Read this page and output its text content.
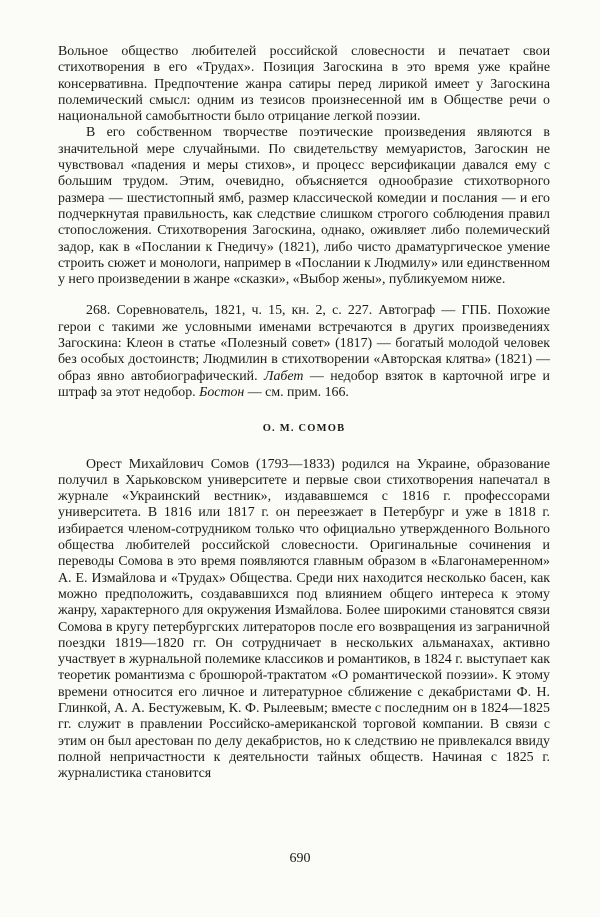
Вольное общество любителей российской словесности и печатает свои стихотворения в его «Трудах». Позиция Загоскина в это время уже крайне консервативна. Предпочтение жанра сатиры перед лирикой имеет у Загоскина полемический смысл: одним из тезисов произнесенной им в Обществе речи о национальной самобытности было отрицание легкой поэзии.

В его собственном творчестве поэтические произведения являются в значительной мере случайными. По свидетельству мемуаристов, Загоскин не чувствовал «падения и меры стихов», и процесс версификации давался ему с большим трудом. Этим, очевидно, объясняется однообразие стихотворного размера — шестистопный ямб, размер классической комедии и послания — и его подчеркнутая правильность, как следствие слишком строгого соблюдения правил стопосложения. Стихотворения Загоскина, однако, оживляет либо полемический задор, как в «Послании к Гнедичу» (1821), либо чисто драматургическое умение строить сюжет и монологи, например в «Послании к Людмилу» или единственном у него произведении в жанре «сказки», «Выбор жены», публикуемом ниже.

268. Соревнователь, 1821, ч. 15, кн. 2, с. 227. Автограф — ГПБ. Похожие герои с такими же условными именами встречаются в других произведениях Загоскина: Клеон в статье «Полезный совет» (1817) — богатый молодой человек без особых достоинств; Людмилин в стихотворении «Авторская клятва» (1821) — образ явно автобиографический. Лабет — недобор взяток в карточной игре и штраф за этот недобор. Бостон — см. прим. 166.

О. М. СОМОВ

Орест Михайлович Сомов (1793—1833) родился на Украине, образование получил в Харьковском университете и первые свои стихотворения напечатал в журнале «Украинский вестник», издававшемся с 1816 г. профессорами университета. В 1816 или 1817 г. он переезжает в Петербург и уже в 1818 г. избирается членом-сотрудником только что официально утвержденного Вольного общества любителей российской словесности. Оригинальные сочинения и переводы Сомова в это время появляются главным образом в «Благонамеренном» А. Е. Измайлова и «Трудах» Общества. Среди них находится несколько басен, как можно предположить, создававшихся под влиянием общего интереса к этому жанру, характерного для окружения Измайлова. Более широкими становятся связи Сомова в кругу петербургских литераторов после его возвращения из заграничной поездки 1819—1820 гг. Он сотрудничает в нескольких альманахах, активно участвует в журнальной полемике классиков и романтиков, в 1824 г. выступает как теоретик романтизма с брошюрой-трактатом «О романтической поэзии». К этому времени относится его личное и литературное сближение с декабристами Ф. Н. Глинкой, А. А. Бестужевым, К. Ф. Рылеевым; вместе с последним он в 1824—1825 гг. служит в правлении Российско-американской торговой компании. В связи с этим он был арестован по делу декабристов, но к следствию не привлекался ввиду полной непричастности к деятельности тайных обществ. Начиная с 1825 г. журналистика становится

690
